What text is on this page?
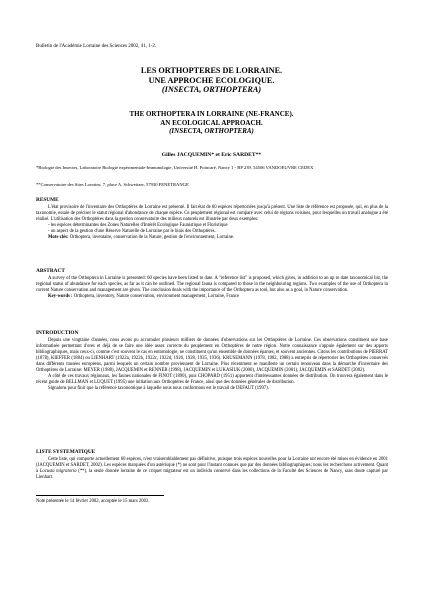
Bulletin de l'Académie Lorraine des Sciences 2002, 41, 1-2.
LES ORTHOPTERES DE LORRAINE.
UNE APPROCHE ECOLOGIQUE.
(INSECTA, ORTHOPTERA)
THE ORTHOPTERA IN LORRAINE (NE-FRANCE).
AN ECOLOGICAL APPROACH.
(INSECTA, ORTHOPTERA)
Gilles JACQUEMIN* et Eric SARDET**
*Biologie des Insectes, Laboratoire Biologie expérimentale-Immunologie, Université H. Poincaré, Nancy 1 - BP 239. 54506 VANDOEUVRE CEDEX
**Conservatoire des Sites Lorrains, 7, place A. Schweitzer, 57930 FENETRANGE
RESUME

L'état provisoire de l'inventaire des Orthoptères de Lorraine est présenté. Il fait état de 60 espèces répertoriées jusqu'à présent. Une liste de référence est proposée, qui, en plus de la taxonomie, essaie de préciser le statut régional d'abondance de chaque espèce. Ce peuplement régional est comparé avec celui de régions voisines, pour lesquelles un travail analogue a été réalisé. L'utilisation des Orthoptères dans la gestion conservatoire des milieux naturels est illustrée par deux exemples:

- les espèces déterminantes des Zones Naturelles d'Intérêt Ecologique Faunistique et Floristique

- un aspect de la gestion d'une Réserve Naturelle de Lorraine par le biais des Orthoptères.

Mots-clés: Orthoptera, inventaire, conservation de la Nature, gestion de l'environnement, Lorraine.

ABSTRACT

A survey of the Orthoptera in Lorraine is presented: 60 species have been listed to date. A "reference list" is proposed, which gives, in addition to an up to date taxonomical list, the regional status of abundance for each species, as far as it can be outlined. The regional fauna is compared to those in the neighbouring regions. Two examples of the use of Orthoptera in current Nature conservation and management are given. The conclusion deals with the importance of the Orthoptera as tool, but also as a goal, in Nature conservation.

Key-words : Orthoptera, inventory, Nature conservation, environment management, Lorraine, France

INTRODUCTION

Depuis une vingtaine d'années, nous avons pu accumuler plusieurs milliers de données d'observations sur les Orthoptères de Lorraine. Ces observations constituent une base informatisée permettant d'ores et déjà de se faire une idée assez correcte du peuplement en Orthoptères de notre région. Notre connaissance s'appuie également sur des apports bibliographiques, mais ceux-ci, comme c'est souvent le cas en entomologie, ne constituent qu'un ensemble de données éparses, et souvent anciennes. Citons les contributions de PIERRAT (1878), KIEFFER (1884) ou LIENHART (1922a, 1922b, 1922c, 1922d, 1926, 1928, 1935, 1936). KRUSEMANN (1978, 1982, 1988) a entrepris de répertorier les Orthoptères conservés dans différents musées européens, parmi lesquels un certain nombre proviennent de Lorraine. Plus récemment se manifeste un certain renouveau dans la démarche d'inventaire des Orthoptères de Lorraine: MEYER (1988), JACQUEMIN et RENNER (1998), JACQUEMIN et LUKASIUK (2000), JACQUEMIN (2001), JACQUEMIN et SARDET (2002).

A côté de ces travaux régionaux, les faunes nationales de FINOT (1890), puis CHOPARD (1951) apportent d'intéressantes données de distribution. On trouvera également dans le récent guide de BELLMAN et LUQUET (1995) une initiation aux Orthoptères de France, ainsi que des données générales de distribution.

Signalons pour finir que la référence taxonomique à laquelle nous nous conformons est le travail de DEFAUT (1997).

LISTE SYSTEMATIQUE

Cette liste, qui comporte actuellement 60 espèces, n'est vraisemblablement pas définitive, puisque trois espèces nouvelles pour la Lorraine ont encore été mises en évidence en 2001 (JACQUEMIN et SARDET, 2002). Les espèces marquées d'un astérisque (*) ne sont pour l'instant connues que par des données bibliographiques; nous les recherchons activement. Quant à Locusta migratoria (**), la seule donnée lorraine de ce criquet migrateur est un individu conservé dans les collections de la Faculté des Sciences de Nancy, sans doute capturé par Lienhart.

Note présentée le 14 février 2002, acceptée le 15 mars 2002.
